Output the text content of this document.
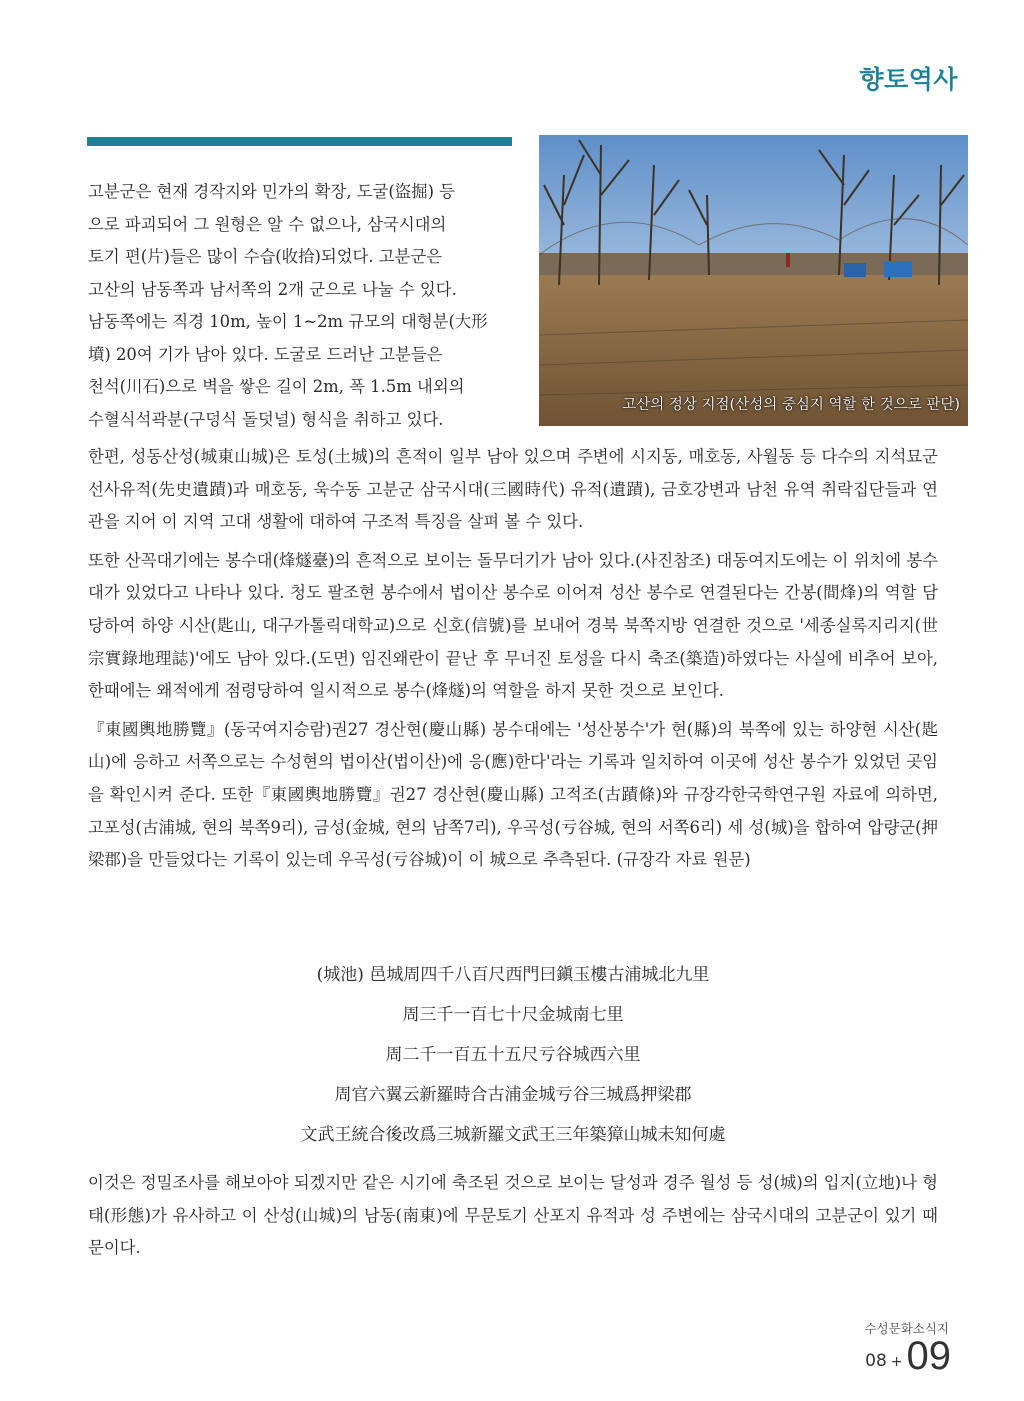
향토역사
고산의 정상 지점(산성의 중심지 역할 한 것으로 판단)
고분군은 현재 경작지와 민가의 확장, 도굴(盜掘) 등
으로 파괴되어 그 원형은 알 수 없으나, 삼국시대의
토기 편(片)들은 많이 수습(收拾)되었다. 고분군은
고산의 남동쪽과 남서쪽의 2개 군으로 나눌 수 있다.
남동쪽에는 직경 10m, 높이 1~2m 규모의 대형분(大形
墳) 20여 기가 남아 있다. 도굴로 드러난 고분들은
천석(川石)으로 벽을 쌓은 길이 2m, 폭 1.5m 내외의
수혈식석곽분(구덩식 돌덧널) 형식을 취하고 있다.

한편, 성동산성(城東山城)은 토성(土城)의 흔적이 일부 남아 있으며 주변에 시지동, 매호동, 사월동 등 다수의 지석묘군 선사유적(先史遺蹟)과 매호동, 욱수동 고분군 삼국시대(三國時代) 유적(遺蹟), 금호강변과 남천 유역 취락집단들과 연관을 지어 이 지역 고대 생활에 대하여 구조적 특징을 살펴 볼 수 있다.

또한 산꼭대기에는 봉수대(烽燧臺)의 흔적으로 보이는 돌무더기가 남아 있다.(사진참조) 대동여지도에는 이 위치에 봉수대가 있었다고 나타나 있다. 청도 팔조현 봉수에서 법이산 봉수로 이어져 성산 봉수로 연결된다는 간봉(間烽)의 역할 담당하여 하양 시산(匙山, 대구가톨릭대학교)으로 신호(信號)를 보내어 경북 북쪽지방 연결한 것으로 '세종실록지리지(世宗實錄地理誌)'에도 남아 있다.(도면) 임진왜란이 끝난 후 무너진 토성을 다시 축조(築造)하였다는 사실에 비추어 보아, 한때에는 왜적에게 점령당하여 일시적으로 봉수(烽燧)의 역할을 하지 못한 것으로 보인다.

『東國輿地勝覽』(동국여지승람)권27 경산현(慶山縣) 봉수대에는 '성산봉수'가 현(縣)의 북쪽에 있는 하양현 시산(匙山)에 응하고 서쪽으로는 수성현의 법이산(법이산)에 응(應)한다'라는 기록과 일치하여 이곳에 성산 봉수가 있었던 곳임을 확인시켜 준다. 또한『東國輿地勝覽』권27 경산현(慶山縣) 고적조(古蹟條)와 규장각한국학연구원 자료에 의하면, 고포성(古浦城, 현의 북쪽9리), 금성(金城, 현의 남쪽7리), 우곡성(亏谷城, 현의 서쪽6리) 세 성(城)을 합하여 압량군(押梁郡)을 만들었다는 기록이 있는데 우곡성(亏谷城)이 이 城으로 추측된다. (규장각 자료 원문)

(城池) 邑城周四千八百尺西門曰鎭玉樓古浦城北九里
周三千一百七十尺金城南七里
周二千一百五十五尺亏谷城西六里
周官六翼云新羅時合古浦金城亏谷三城爲押梁郡
文武王統合後改爲三城新羅文武王三年築獐山城未知何處
이것은 정밀조사를 해보아야 되겠지만 같은 시기에 축조된 것으로 보이는 달성과 경주 월성 등 성(城)의 입지(立地)나 형태(形態)가 유사하고 이 산성(山城)의 남동(南東)에 무문토기 산포지 유적과 성 주변에는 삼국시대의 고분군이 있기 때문이다.
수성문화소식지
08 + 09
